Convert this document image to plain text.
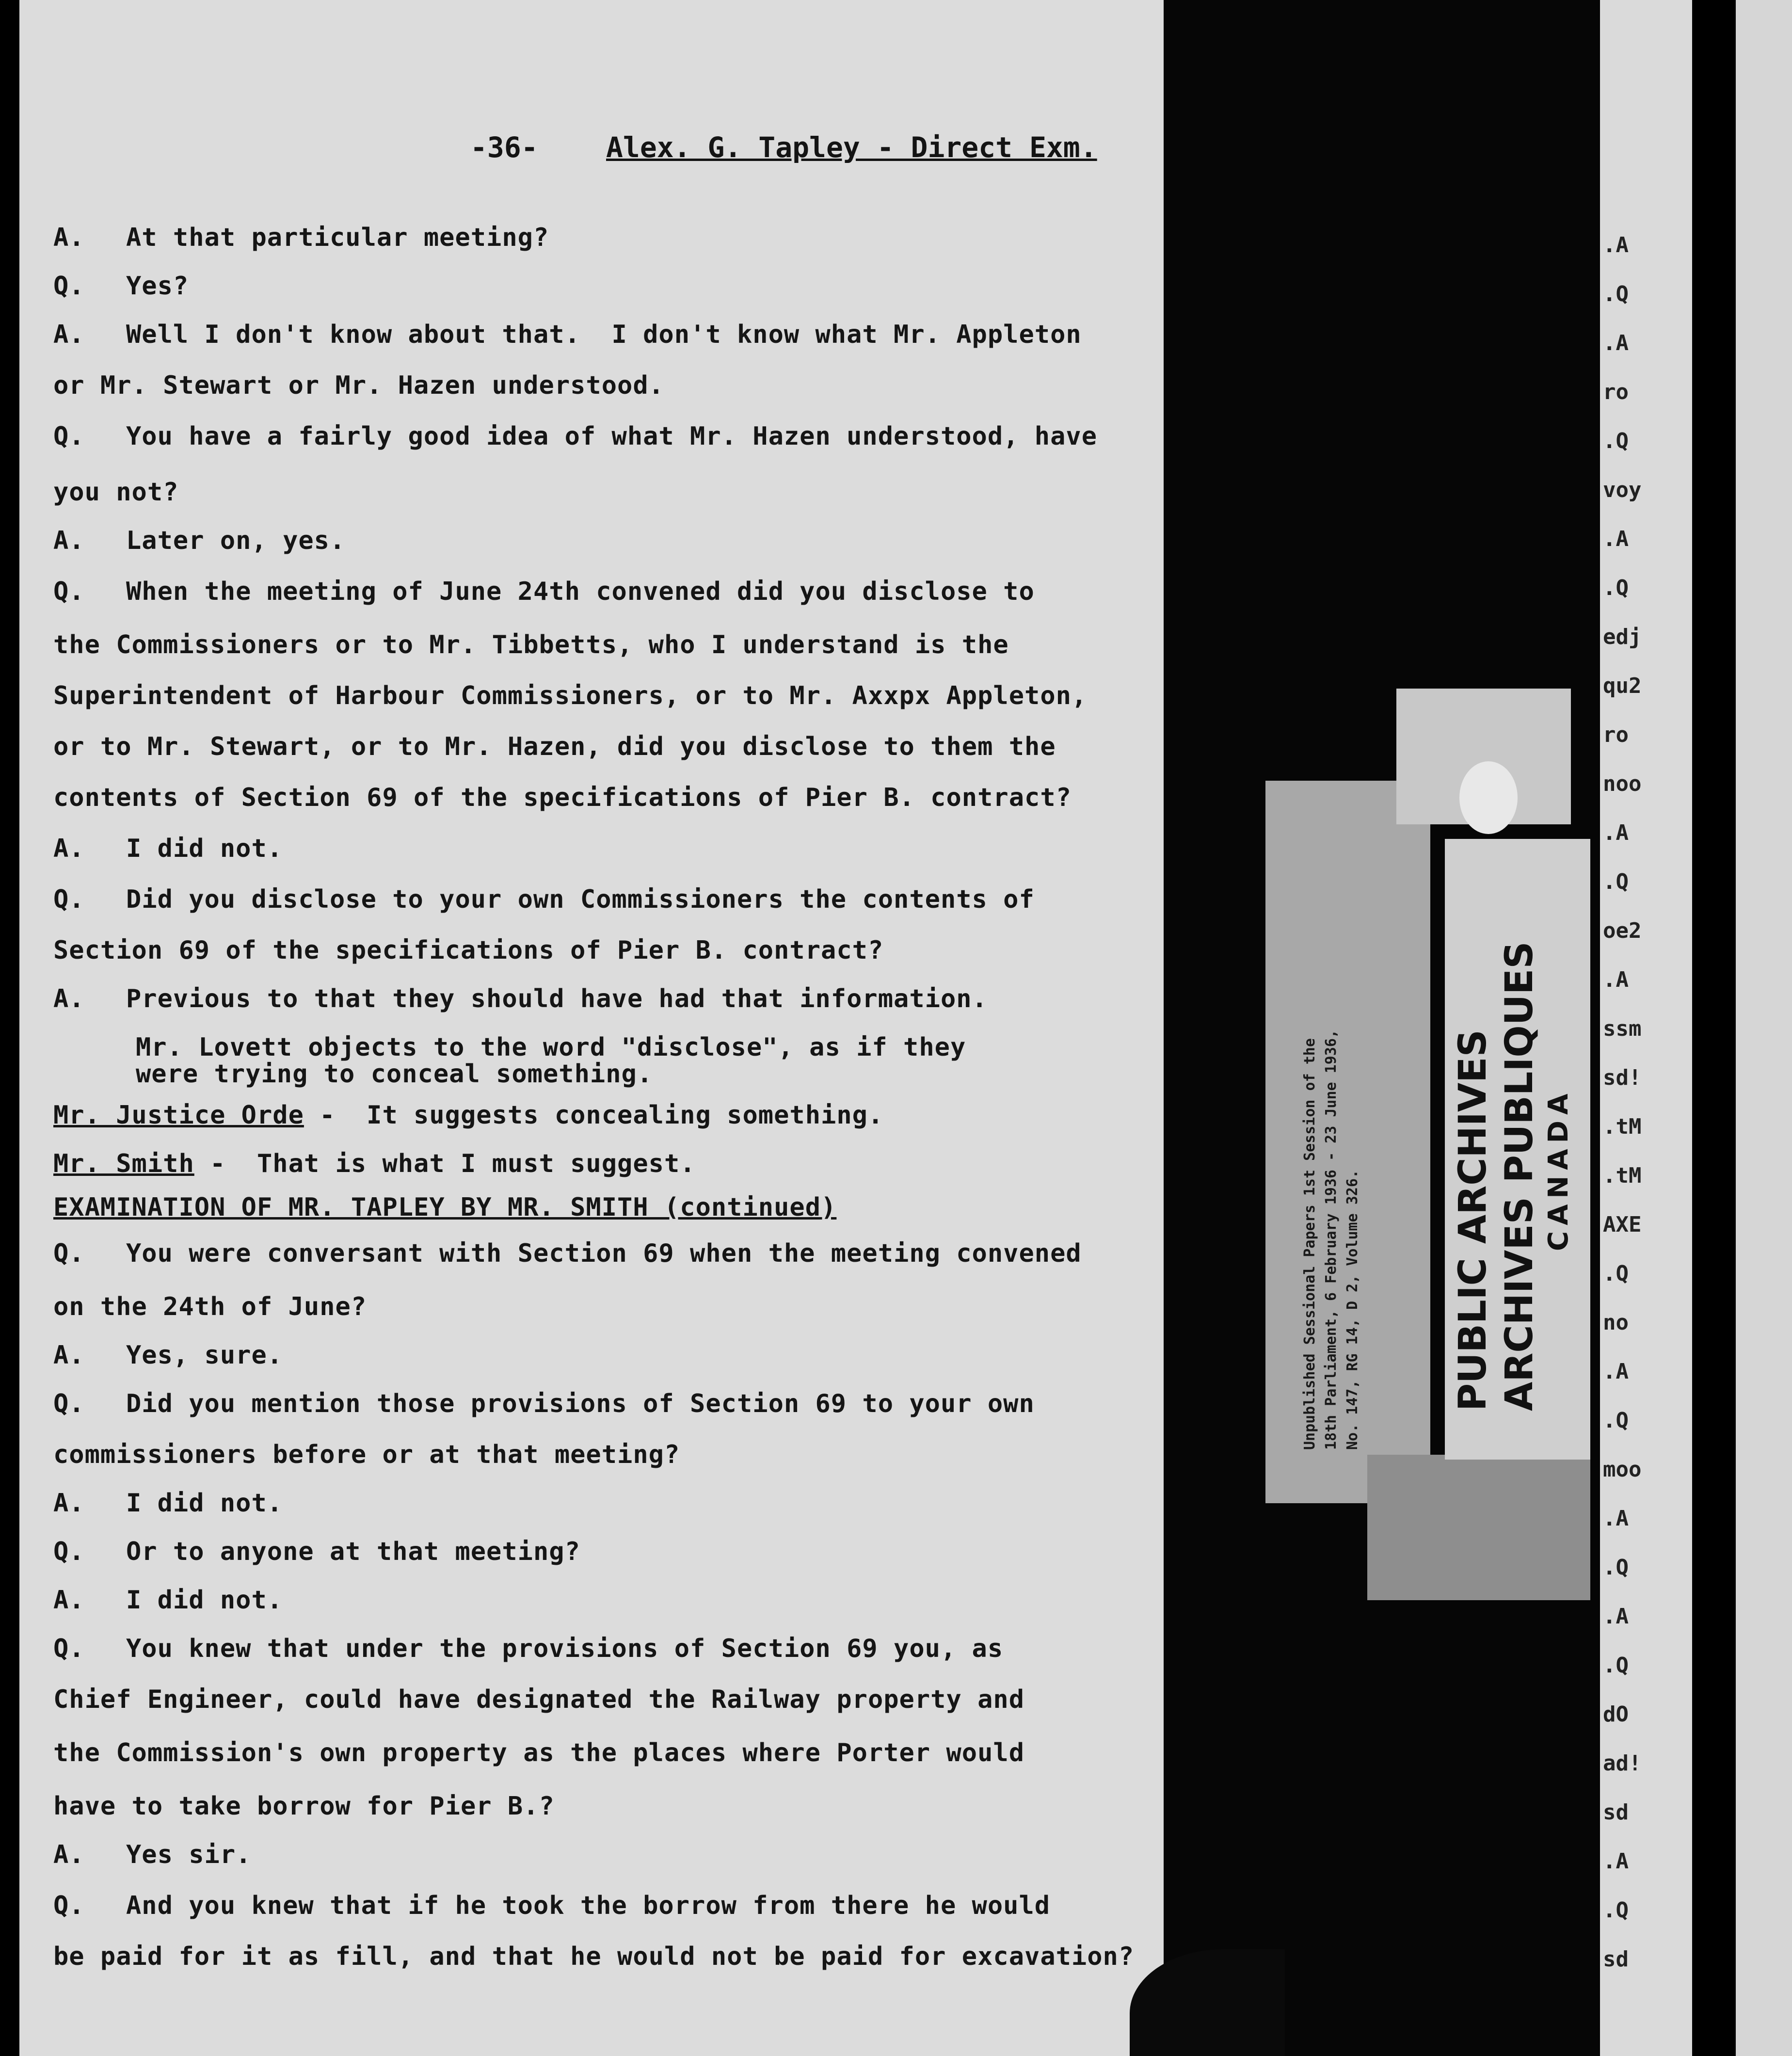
-36- Alex. G. Tapley - Direct Exm.
A. At that particular meeting?
Q. Yes?
A. Well I don't know about that.  I don't know what Mr. Appleton
or Mr. Stewart or Mr. Hazen understood.
Q. You have a fairly good idea of what Mr. Hazen understood, have
you not?
A. Later on, yes.
Q. When the meeting of June 24th convened did you disclose to
the Commissioners or to Mr. Tibbetts, who I understand is the
Superintendent of Harbour Commissioners, or to Mr. Axxpx Appleton,
or to Mr. Stewart, or to Mr. Hazen, did you disclose to them the
contents of Section 69 of the specifications of Pier B. contract?
A. I did not.
Q. Did you disclose to your own Commissioners the contents of
Section 69 of the specifications of Pier B. contract?
A. Previous to that they should have had that information.
Mr. Lovett objects to the word "disclose", as if they
were trying to conceal something.
Mr. Justice Orde -  It suggests concealing something.
Mr. Smith -  That is what I must suggest.
EXAMINATION OF MR. TAPLEY BY MR. SMITH (continued)
Q. You were conversant with Section 69 when the meeting convened
on the 24th of June?
A. Yes, sure.
Q. Did you mention those provisions of Section 69 to your own
commissioners before or at that meeting?
A. I did not.
Q. Or to anyone at that meeting?
A. I did not.
Q. You knew that under the provisions of Section 69 you, as
Chief Engineer, could have designated the Railway property and
the Commission's own property as the places where Porter would
have to take borrow for Pier B.?
A. Yes sir.
Q. And you knew that if he took the borrow from there he would
be paid for it as fill, and that he would not be paid for excavation?
Unpublished Sessional Papers 1st Session of the 18th Parliament, 6 February 1936 - 23 June 1936, No. 147, RG 14, D 2, Volume 326. PUBLIC   ARCHIVES
ARCHIVES   PUBLIQUES CANADA
.A
.Q
.A
ro
.Q
voy
.A
.Q
edj
qu2
ro
noo
.A
.Q
oe2
.A
ssm
sd!
.tM
.tM
AXE
.Q
no
.A
.Q
moo
.A
.Q
.A
.Q
dO
ad!
sd
.A
.Q
sd
